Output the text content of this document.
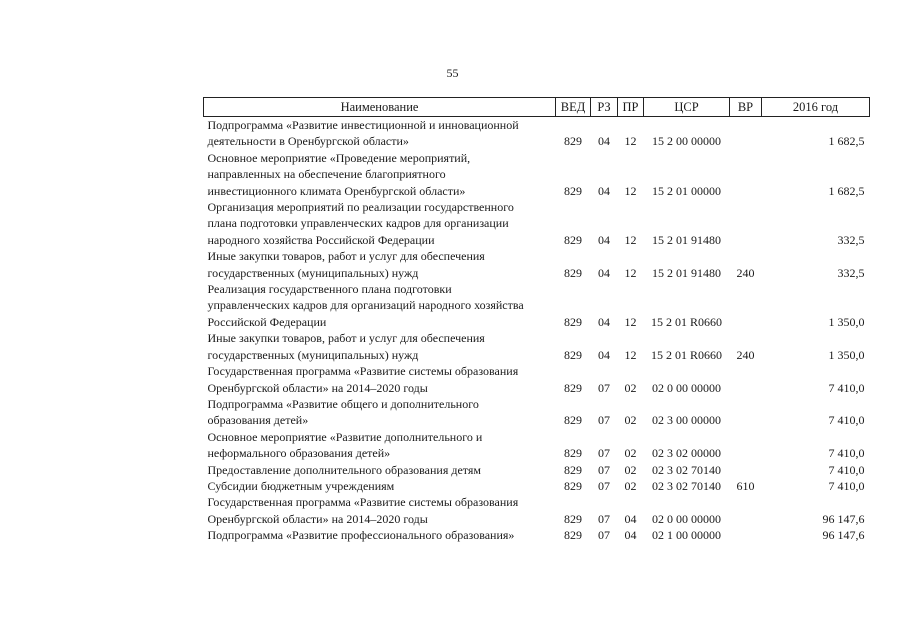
55
Наименование	ВЕД	РЗ	ПР	ЦСР	ВР	2016 год

Подпрограмма «Развитие инвестиционной и инновационной
деятельности в Оренбургской области»	829	04	12	15 2 00 00000		1 682,5

Основное мероприятие «Проведение мероприятий,
направленных на обеспечение благоприятного
инвестиционного климата Оренбургской области»	829	04	12	15 2 01 00000		1 682,5

Организация мероприятий по реализации государственного
плана подготовки управленческих кадров для организации
народного хозяйства Российской Федерации	829	04	12	15 2 01 91480		332,5

Иные закупки товаров, работ и услуг для обеспечения
государственных (муниципальных) нужд	829	04	12	15 2 01 91480	240	332,5

Реализация государственного плана подготовки
управленческих кадров для организаций народного хозяйства
Российской Федерации	829	04	12	15 2 01 R0660		1 350,0

Иные закупки товаров, работ и услуг для обеспечения
государственных (муниципальных) нужд	829	04	12	15 2 01 R0660	240	1 350,0

Государственная программа «Развитие системы образования
Оренбургской области» на 2014–2020 годы	829	07	02	02 0 00 00000		7 410,0

Подпрограмма «Развитие общего и дополнительного
образования детей»	829	07	02	02 3 00 00000		7 410,0

Основное мероприятие «Развитие дополнительного и
неформального образования детей»	829	07	02	02 3 02 00000		7 410,0

Предоставление дополнительного образования детям	829	07	02	02 3 02 70140		7 410,0

Субсидии бюджетным учреждениям	829	07	02	02 3 02 70140	610	7 410,0

Государственная программа «Развитие системы образования
Оренбургской области» на 2014–2020 годы	829	07	04	02 0 00 00000		96 147,6

Подпрограмма «Развитие профессионального образования»	829	07	04	02 1 00 00000		96 147,6
